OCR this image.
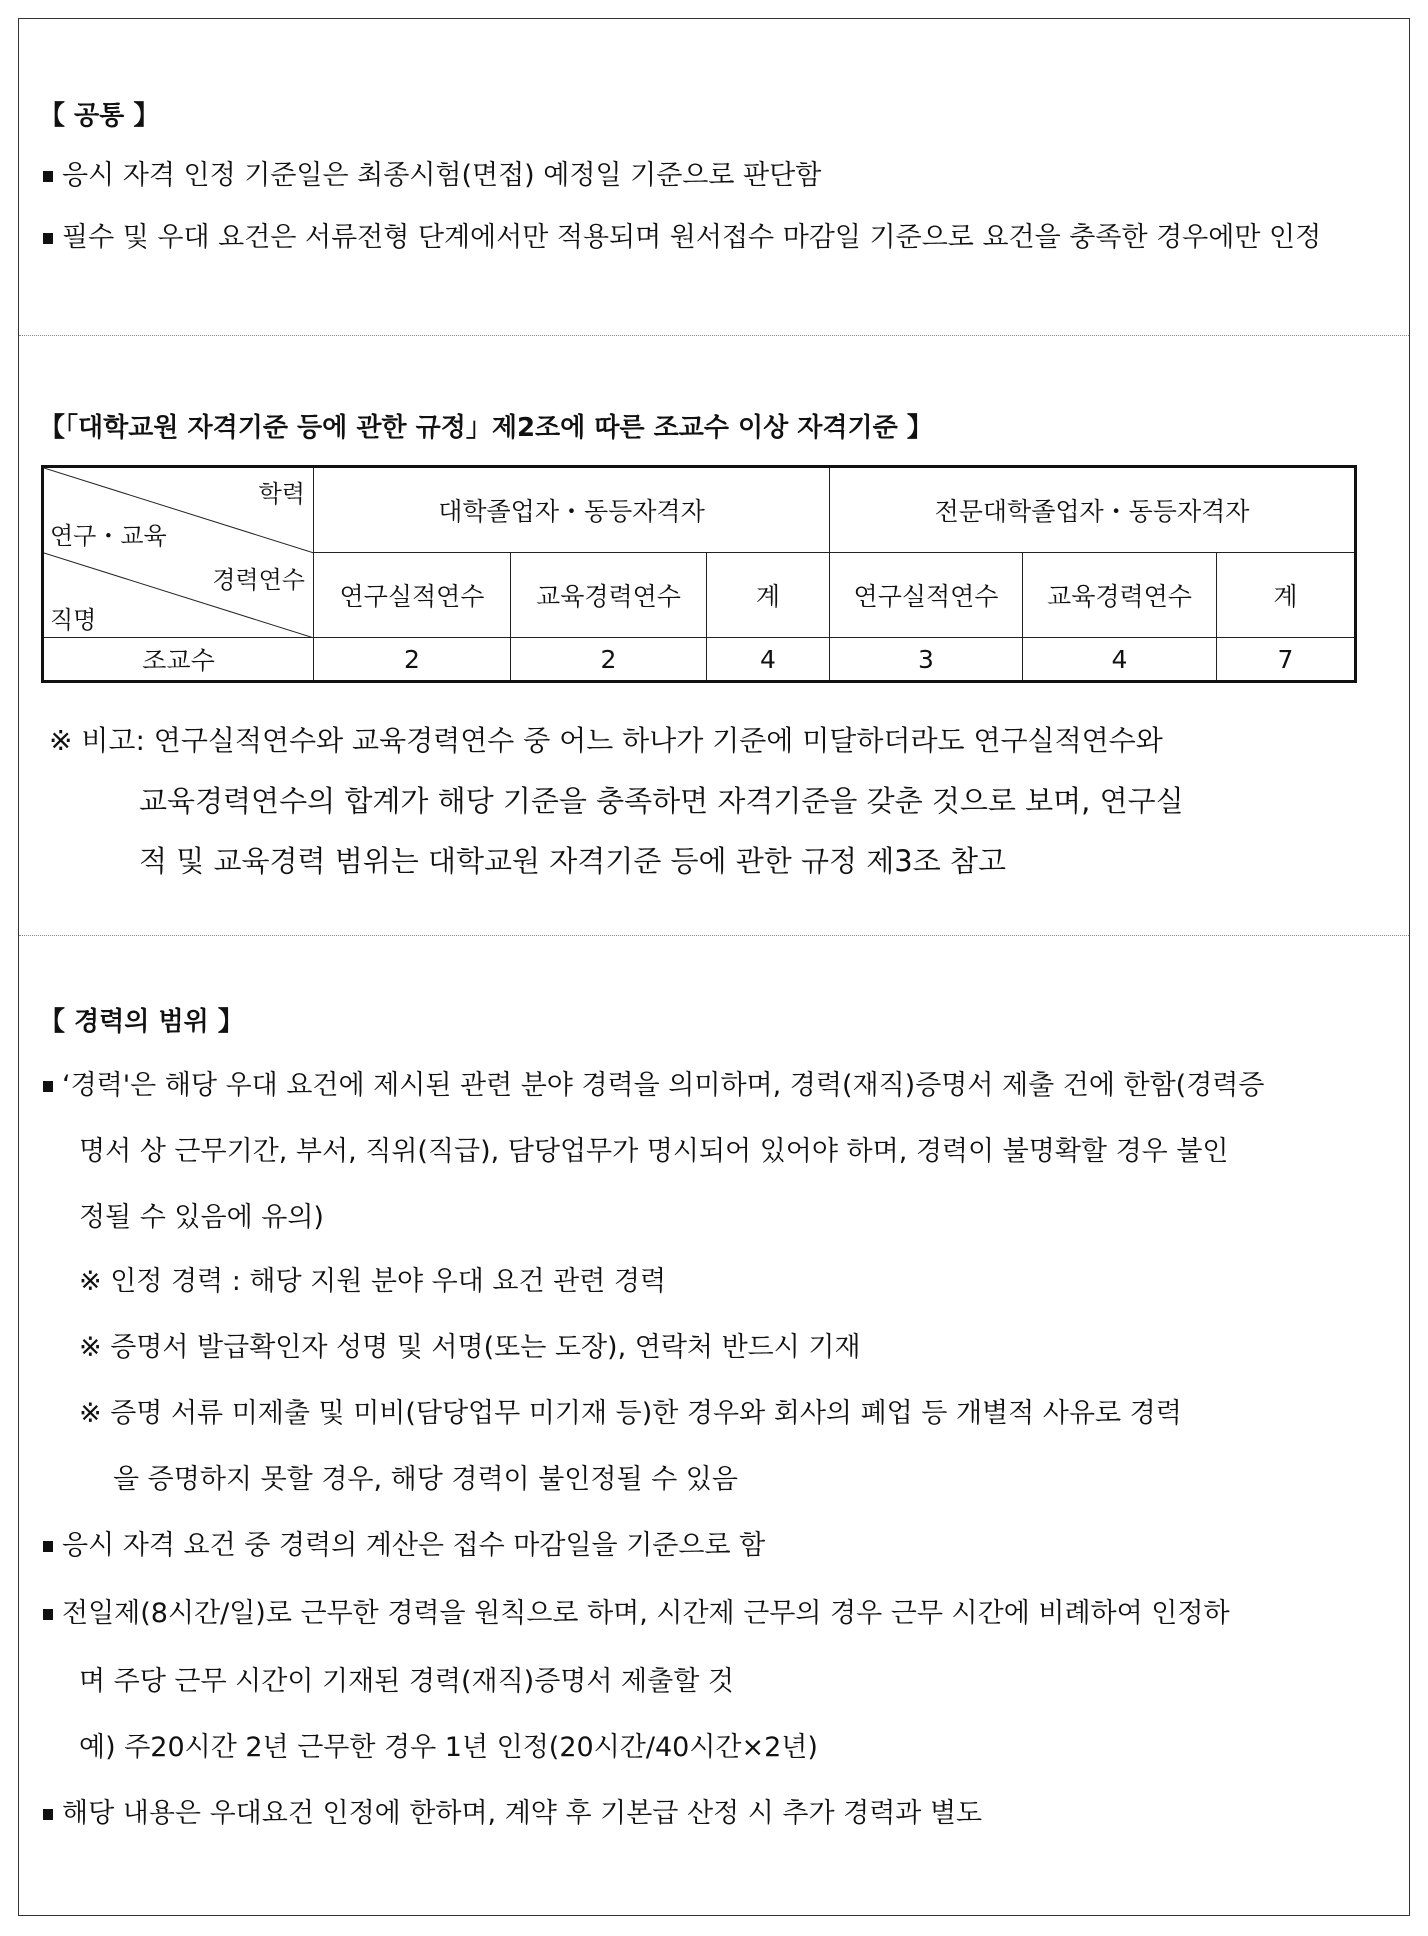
【 공통 】
응시 자격 인정 기준일은 최종시험(면접) 예정일 기준으로 판단함
필수 및 우대 요건은 서류전형 단계에서만 적용되며 원서접수 마감일 기준으로 요건을 충족한 경우에만 인정
【「대학교원 자격기준 등에 관한 규정」제2조에 따른 조교수 이상 자격기준 】
학력
연구・교육
경력연수
직명
대학졸업자・동등자격자	전문대학졸업자・동등자격자
연구실적연수	교육경력연수	계	연구실적연수	교육경력연수	계
조교수	2	2	4	3	4	7
※ 비고: 연구실적연수와 교육경력연수 중 어느 하나가 기준에 미달하더라도 연구실적연수와
교육경력연수의 합계가 해당 기준을 충족하면 자격기준을 갖춘 것으로 보며, 연구실
적 및 교육경력 범위는 대학교원 자격기준 등에 관한 규정 제3조 참고
【 경력의 범위 】
‘경력'은 해당 우대 요건에 제시된 관련 분야 경력을 의미하며, 경력(재직)증명서 제출 건에 한함(경력증
명서 상 근무기간, 부서, 직위(직급), 담당업무가 명시되어 있어야 하며, 경력이 불명확할 경우 불인
정될 수 있음에 유의)
※ 인정 경력 : 해당 지원 분야 우대 요건 관련 경력
※ 증명서 발급확인자 성명 및 서명(또는 도장), 연락처 반드시 기재
※ 증명 서류 미제출 및 미비(담당업무 미기재 등)한 경우와 회사의 폐업 등 개별적 사유로 경력
을 증명하지 못할 경우, 해당 경력이 불인정될 수 있음
응시 자격 요건 중 경력의 계산은 접수 마감일을 기준으로 함
전일제(8시간/일)로 근무한 경력을 원칙으로 하며, 시간제 근무의 경우 근무 시간에 비례하여 인정하
며 주당 근무 시간이 기재된 경력(재직)증명서 제출할 것
예) 주20시간 2년 근무한 경우 1년 인정(20시간/40시간×2년)
해당 내용은 우대요건 인정에 한하며, 계약 후 기본급 산정 시 추가 경력과 별도
